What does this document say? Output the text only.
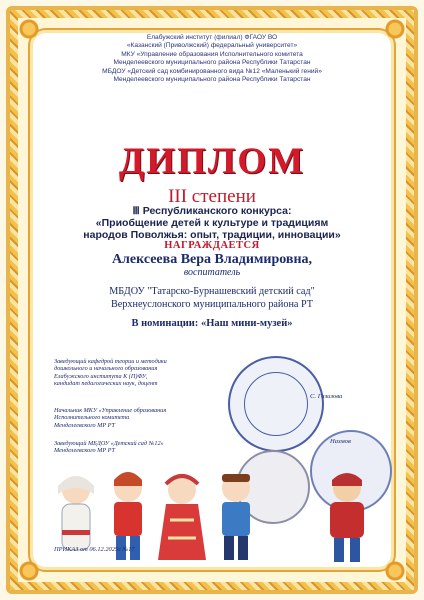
Елабужский институт (филиал) ФГАОУ ВО
«Казанский (Приволжский) федеральный университет»
МКУ «Управление образования Исполнительного комитета
Менделеевского муниципального района Республики Татарстан
МБДОУ «Детский сад комбинированного вида №12 «Маленький гений»
Менделеевского муниципального района Республики Татарстан
ДИПЛОМ
III степени
Ⅲ Республиканского конкурса:
«Приобщение детей к культуре и традициям
народов Поволжья: опыт, традиции, инновации»
НАГРАЖДАЕТСЯ
Алексеева Вера Владимировна,
воспитатель
МБДОУ "Татарско-Бурнашевский детский сад"
Верхнеуслонского муниципального района РТ
В номинации: «Наш мини-музей»
Заведующий кафедрой теории и методики
дошкольного и начального образования
Елабужского института К (П)ФУ,
кандидат педагогических наук, доцент
С. Газизова
Начальник МКУ «Управление образования
Исполнительного комитета
Менделеевского МР РТ
Назмов
Заведующий МБДОУ «Детский сад №12»
Менделеевского МР РТ
ПРИКАЗ от 06.12.2025г №17
